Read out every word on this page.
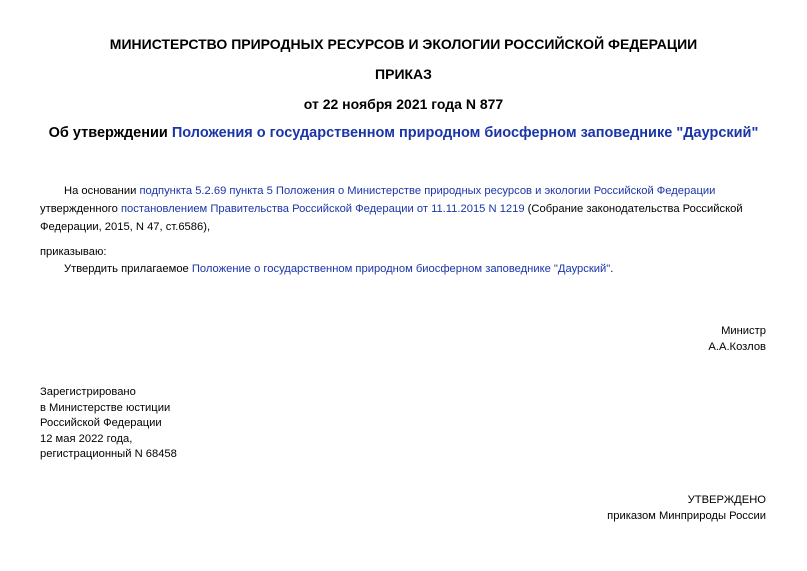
МИНИСТЕРСТВО ПРИРОДНЫХ РЕСУРСОВ И ЭКОЛОГИИ РОССИЙСКОЙ ФЕДЕРАЦИИ
ПРИКАЗ
от 22 ноября 2021 года N 877
Об утверждении Положения о государственном природном биосферном заповеднике "Даурский"
На основании подпункта 5.2.69 пункта 5 Положения о Министерстве природных ресурсов и экологии Российской Федерации утвержденного постановлением Правительства Российской Федерации от 11.11.2015 N 1219 (Собрание законодательства Российской Федерации, 2015, N 47, ст.6586),
приказываю:
Утвердить прилагаемое Положение о государственном природном биосферном заповеднике "Даурский".
Министр
А.А.Козлов
Зарегистрировано
в Министерстве юстиции
Российской Федерации
12 мая 2022 года,
регистрационный N 68458
УТВЕРЖДЕНО
приказом Минприроды России
